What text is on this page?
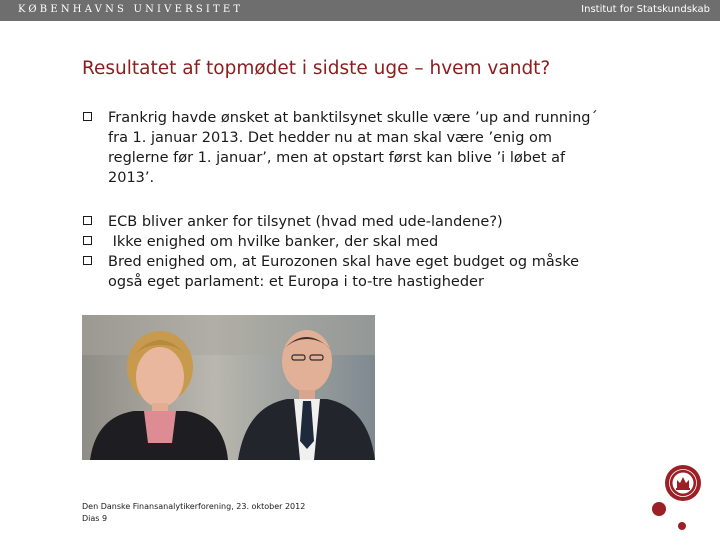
KØBENHAVNS UNIVERSITET	Institut for Statskundskab
Resultatet af topmødet i sidste uge – hvem vandt?
Frankrig havde ønsket at banktilsynet skulle være ’up and running´ fra 1. januar 2013. Det hedder nu at man skal være ’enig om reglerne før 1. januar’, men at opstart først kan blive ’i løbet af 2013’.
ECB bliver anker for tilsynet (hvad med ude-landene?)
Ikke enighed om hvilke banker, der skal med
Bred enighed om, at Eurozonen skal have eget budget og måske også eget parlament: et Europa i to-tre hastigheder
Den Danske Finansanalytikerforening, 23. oktober 2012
Dias 9
